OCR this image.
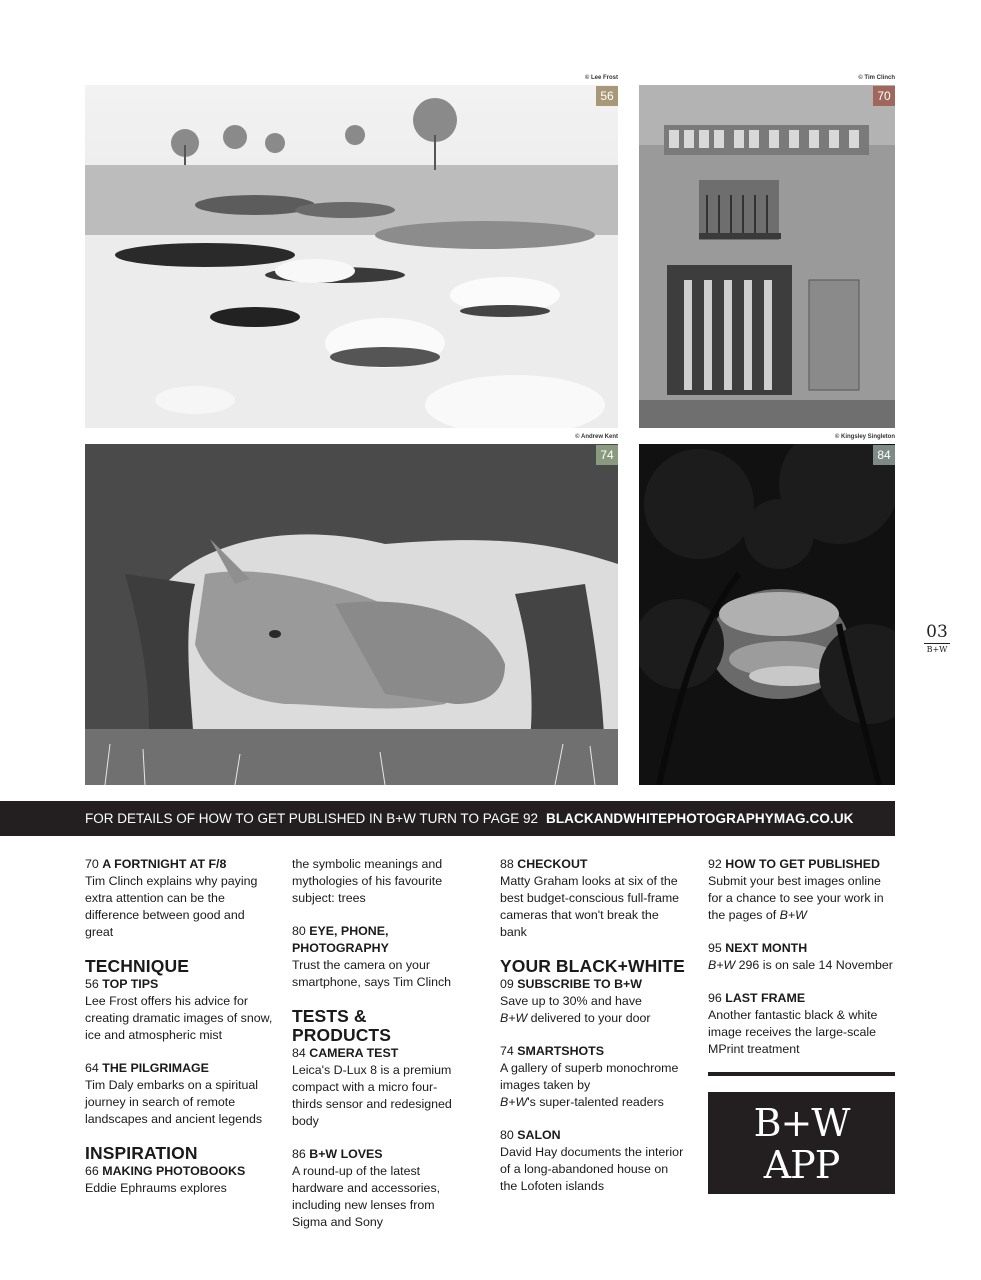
© Lee Frost
56
© Tim Clinch
70
© Andrew Kent
74
© Kingsley Singleton
84
03
B+W
FOR DETAILS OF HOW TO GET PUBLISHED IN B+W TURN TO PAGE 92 BLACKANDWHITEPHOTOGRAPHYMAG.CO.UK
70 A FORTNIGHT AT F/8
Tim Clinch explains why paying extra attention can be the difference between good and great
TECHNIQUE
56 TOP TIPS
Lee Frost offers his advice for creating dramatic images of snow, ice and atmospheric mist
64 THE PILGRIMAGE
Tim Daly embarks on a spiritual journey in search of remote landscapes and ancient legends
INSPIRATION
66 MAKING PHOTOBOOKS
Eddie Ephraums explores
the symbolic meanings and mythologies of his favourite subject: trees
80 EYE, PHONE, PHOTOGRAPHY
Trust the camera on your smartphone, says Tim Clinch
TESTS & PRODUCTS
84 CAMERA TEST
Leica's D-Lux 8 is a premium compact with a micro four-thirds sensor and redesigned body
86 B+W LOVES
A round-up of the latest hardware and accessories, including new lenses from Sigma and Sony
88 CHECKOUT
Matty Graham looks at six of the best budget-conscious full-frame cameras that won't break the bank
YOUR BLACK+WHITE
09 SUBSCRIBE TO B+W
Save up to 30% and have
B+W delivered to your door
74 SMARTSHOTS
A gallery of superb monochrome images taken by
B+W's super-talented readers
80 SALON
David Hay documents the interior of a long-abandoned house on the Lofoten islands
92 HOW TO GET PUBLISHED
Submit your best images online for a chance to see your work in the pages of B+W
95 NEXT MONTH
B+W 296 is on sale 14 November
96 LAST FRAME
Another fantastic black & white image receives the large-scale MPrint treatment
B+W APP
Download the digital edition
POCKETMAGS.COM
